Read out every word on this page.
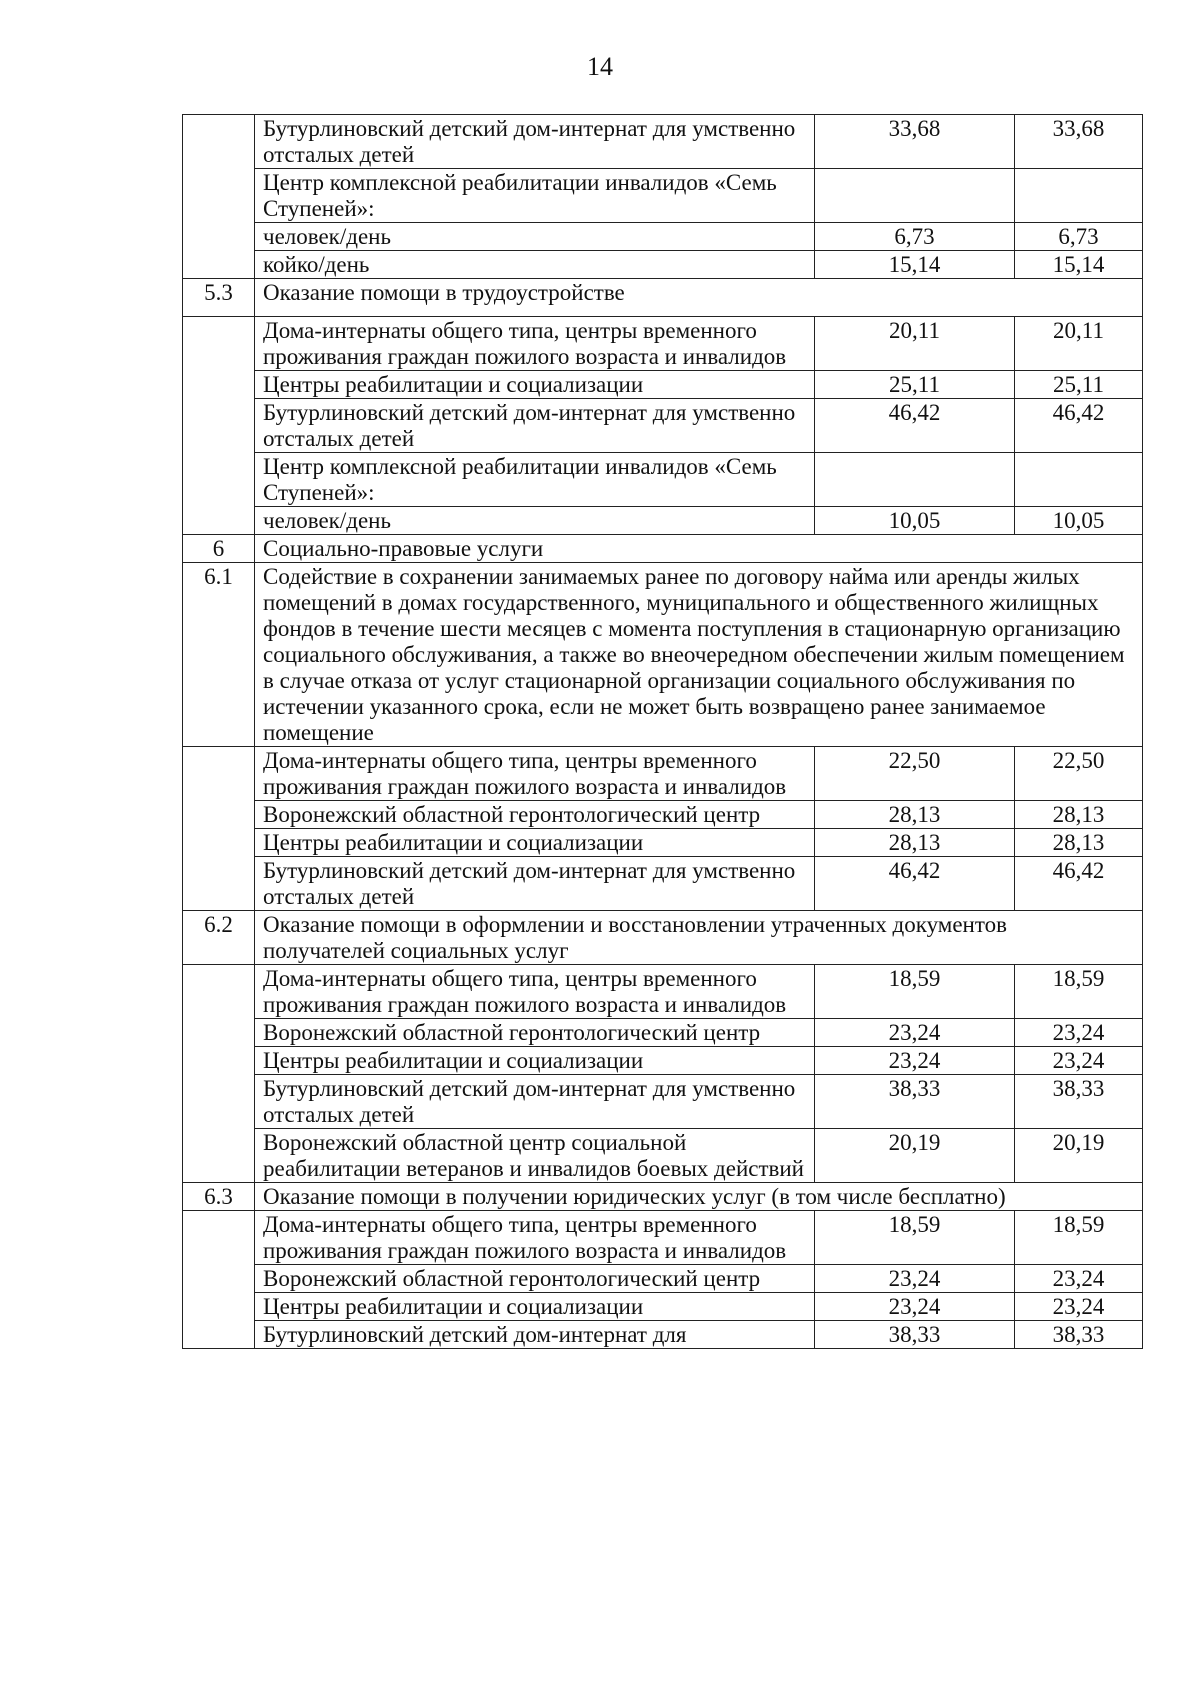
14
	Бутурлиновский детский дом-интернат для умственно отсталых детей	33,68	33,68
	Центр комплексной реабилитации инвалидов «Семь Ступеней»:		
	человек/день	6,73	6,73
	койко/день	15,14	15,14
5.3	Оказание помощи в трудоустройстве		
	Дома-интернаты общего типа, центры временного проживания граждан пожилого возраста и инвалидов	20,11	20,11
	Центры реабилитации и социализации	25,11	25,11
	Бутурлиновский детский дом-интернат для умственно отсталых детей	46,42	46,42
	Центр комплексной реабилитации инвалидов «Семь Ступеней»:		
	человек/день	10,05	10,05
6	Социально-правовые услуги		
6.1	Содействие в сохранении занимаемых ранее по договору найма или аренды жилых помещений в домах государственного, муниципального и общественного жилищных фондов в течение шести месяцев с момента поступления в стационарную организацию социального обслуживания, а также во внеочередном обеспечении жилым помещением в случае отказа от услуг стационарной организации социального обслуживания по истечении указанного срока, если не может быть возвращено ранее занимаемое помещение		
	Дома-интернаты общего типа, центры временного проживания граждан пожилого возраста и инвалидов	22,50	22,50
	Воронежский областной геронтологический центр	28,13	28,13
	Центры реабилитации и социализации	28,13	28,13
	Бутурлиновский детский дом-интернат для умственно отсталых детей	46,42	46,42
6.2	Оказание помощи в оформлении и восстановлении утраченных документов получателей социальных услуг		
	Дома-интернаты общего типа, центры временного проживания граждан пожилого возраста и инвалидов	18,59	18,59
	Воронежский областной геронтологический центр	23,24	23,24
	Центры реабилитации и социализации	23,24	23,24
	Бутурлиновский детский дом-интернат для умственно отсталых детей	38,33	38,33
	Воронежский областной центр социальной реабилитации ветеранов и инвалидов боевых действий	20,19	20,19
6.3	Оказание помощи в получении юридических услуг (в том числе бесплатно)		
	Дома-интернаты общего типа, центры временного проживания граждан пожилого возраста и инвалидов	18,59	18,59
	Воронежский областной геронтологический центр	23,24	23,24
	Центры реабилитации и социализации	23,24	23,24
	Бутурлиновский детский дом-интернат для	38,33	38,33
